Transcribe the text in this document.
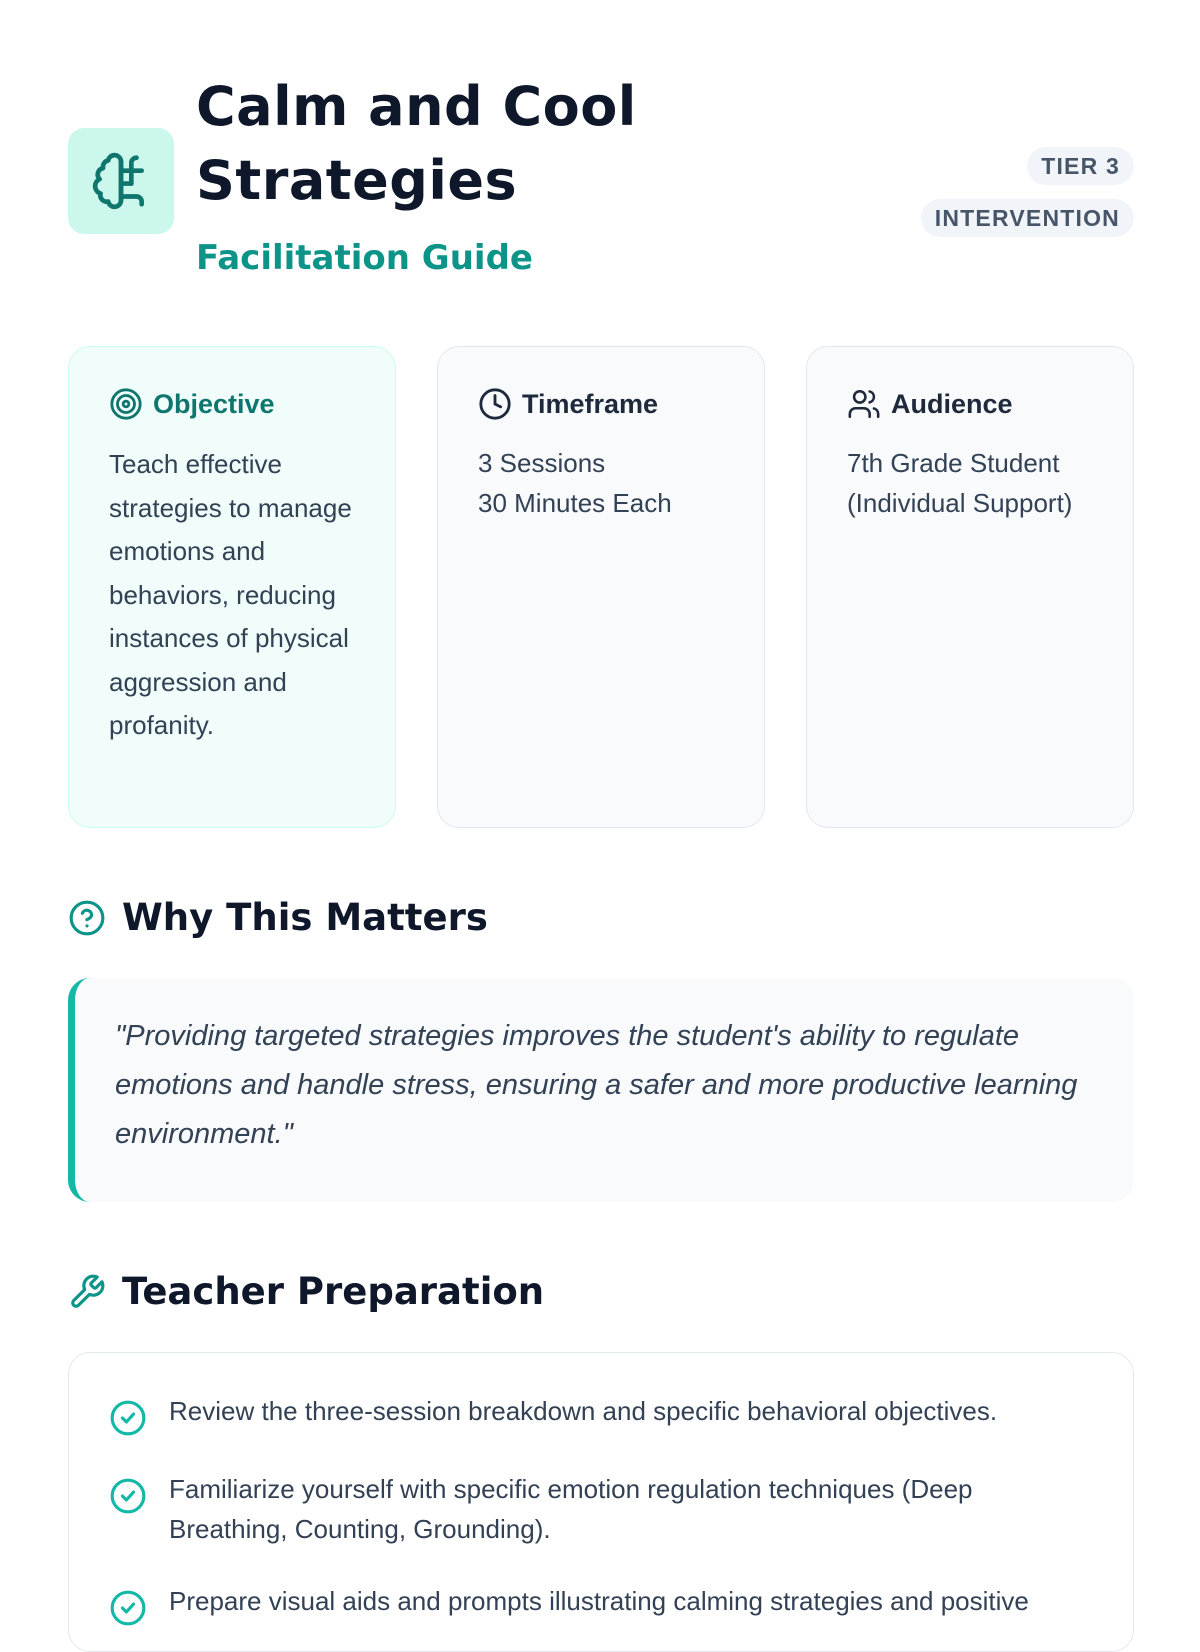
Calm and Cool
Strategies
Facilitation Guide
TIER 3
INTERVENTION
Objective
Teach effective strategies to manage emotions and behaviors, reducing instances of physical aggression and profanity.
Timeframe
3 Sessions
30 Minutes Each
Audience
7th Grade Student
(Individual Support)
Why This Matters
"Providing targeted strategies improves the student's ability to regulate emotions and handle stress, ensuring a safer and more productive learning environment."
Teacher Preparation
Review the three-session breakdown and specific behavioral objectives.
Familiarize yourself with specific emotion regulation techniques (Deep Breathing, Counting, Grounding).
Prepare visual aids and prompts illustrating calming strategies and positive
